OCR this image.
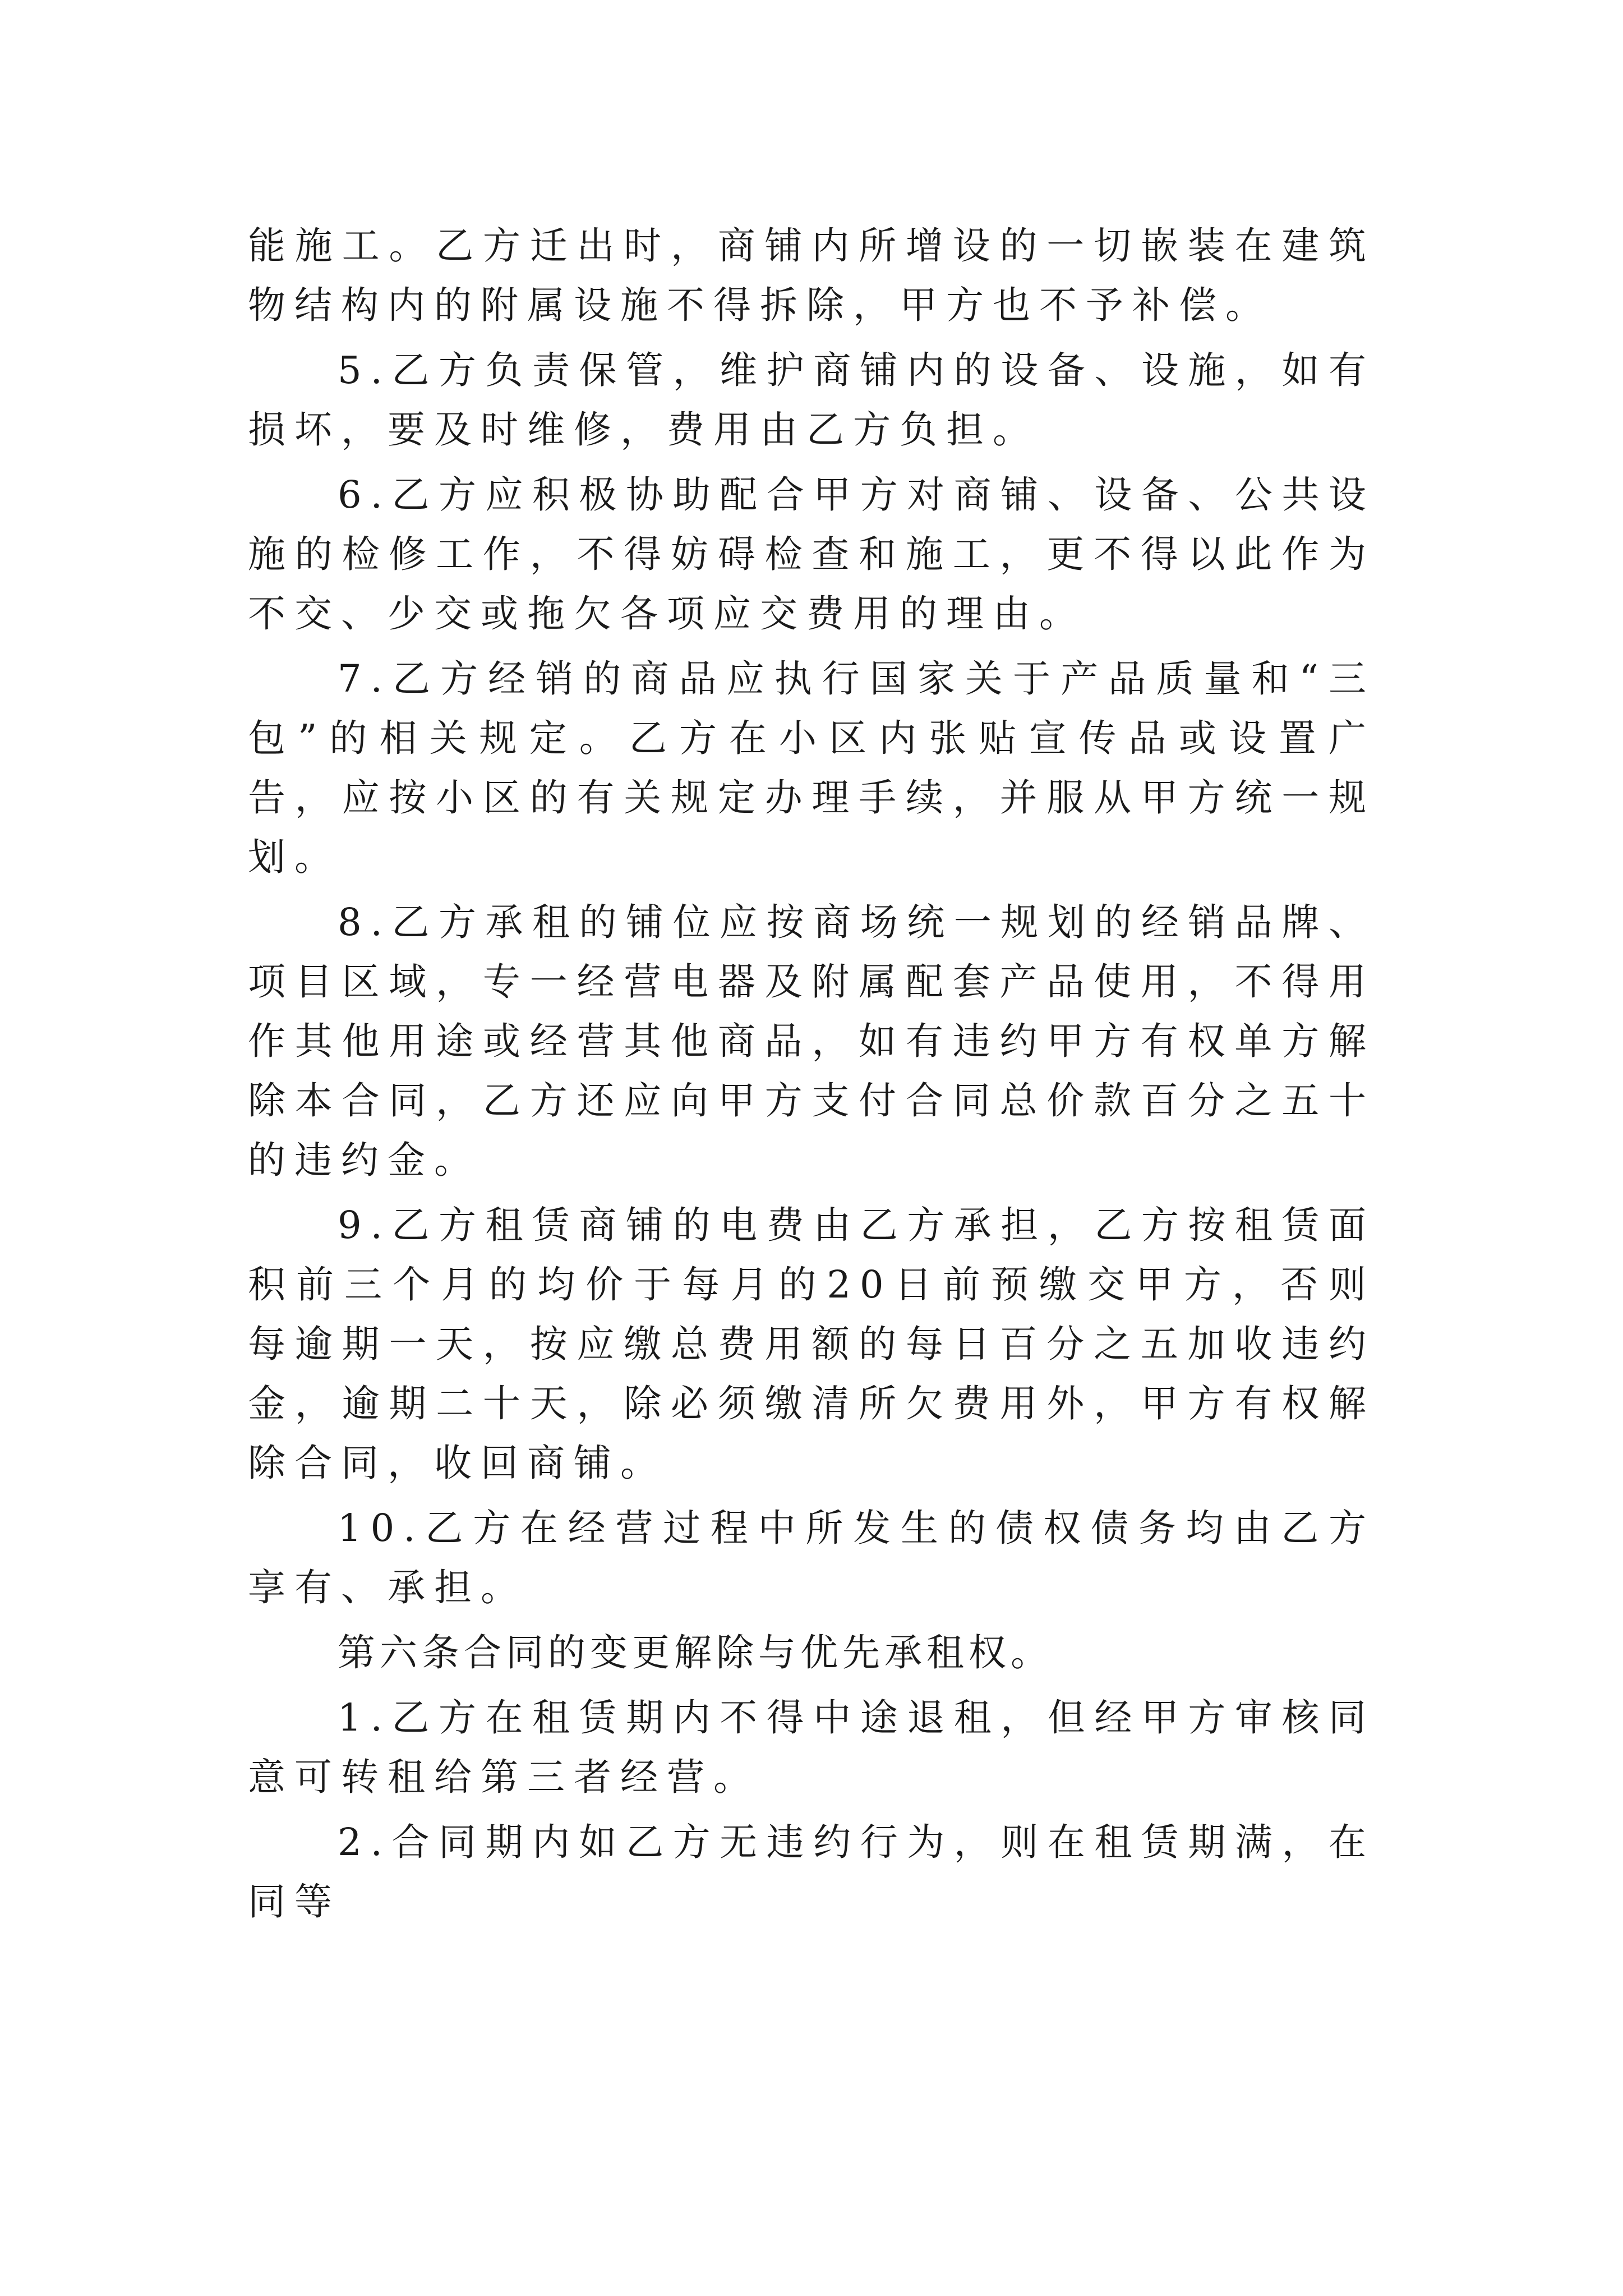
能施工。乙方迁出时，商铺内所增设的一切嵌装在建筑物结构内的附属设施不得拆除，甲方也不予补偿。

5.乙方负责保管，维护商铺内的设备、设施，如有损坏，要及时维修，费用由乙方负担。

6.乙方应积极协助配合甲方对商铺、设备、公共设施的检修工作，不得妨碍检查和施工，更不得以此作为不交、少交或拖欠各项应交费用的理由。

7.乙方经销的商品应执行国家关于产品质量和“三包”的相关规定。乙方在小区内张贴宣传品或设置广告，应按小区的有关规定办理手续，并服从甲方统一规划。

8.乙方承租的铺位应按商场统一规划的经销品牌、项目区域，专一经营电器及附属配套产品使用，不得用作其他用途或经营其他商品，如有违约甲方有权单方解除本合同，乙方还应向甲方支付合同总价款百分之五十的违约金。

9.乙方租赁商铺的电费由乙方承担，乙方按租赁面积前三个月的均价于每月的20日前预缴交甲方，否则每逾期一天，按应缴总费用额的每日百分之五加收违约金，逾期二十天，除必须缴清所欠费用外，甲方有权解除合同，收回商铺。

10.乙方在经营过程中所发生的债权债务均由乙方享有、承担。

第六条合同的变更解除与优先承租权。

1.乙方在租赁期内不得中途退租，但经甲方审核同意可转租给第三者经营。

2.合同期内如乙方无违约行为，则在租赁期满，在同等
